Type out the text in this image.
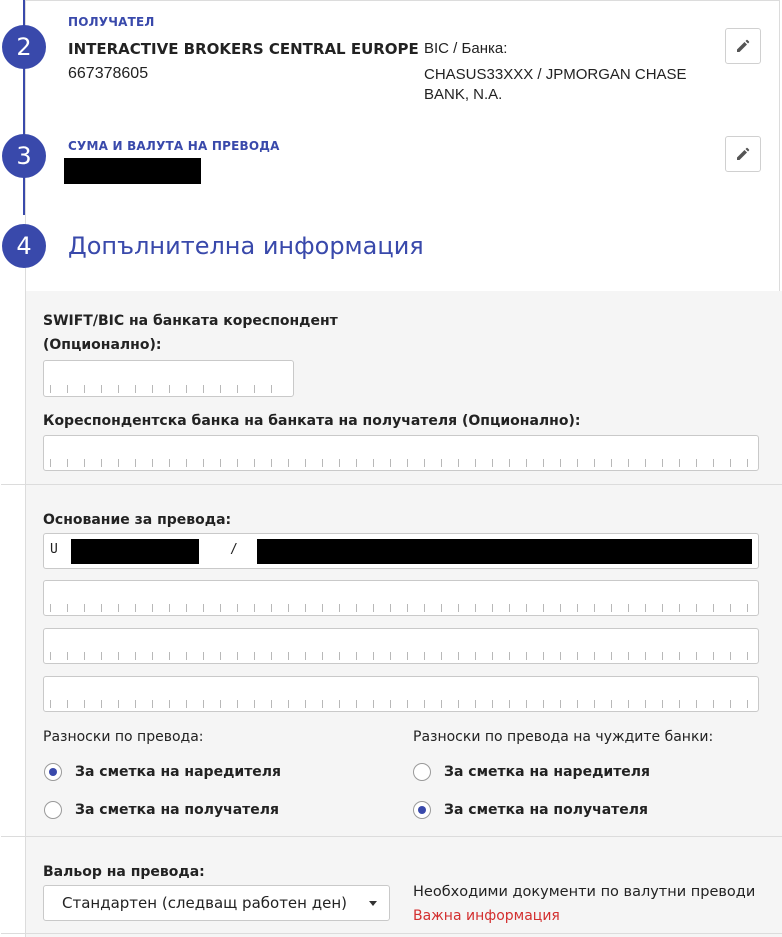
ПОЛУЧАТЕЛ
INTERACTIVE BROKERS CENTRAL EUROPE
667378605
BIC / Банка:
CHASUS33XXX / JPMORGAN CHASE BANK, N.A.
2
СУМА И ВАЛУТА НА ПРЕВОДА
3
Допълнителна информация
4
SWIFT/BIC на банката кореспондент
(Опционално):
Кореспондентска банка на банката на получателя (Опционално):
Основание за превода:
U	/
Разноски по превода:	Разноски по превода на чуждите банки:
За сметка на наредителя
За сметка на получателя
За сметка на наредителя
За сметка на получателя
Вальор на превода:
Стандартен (следващ работен ден)
Необходими документи по валутни преводи
Важна информация
